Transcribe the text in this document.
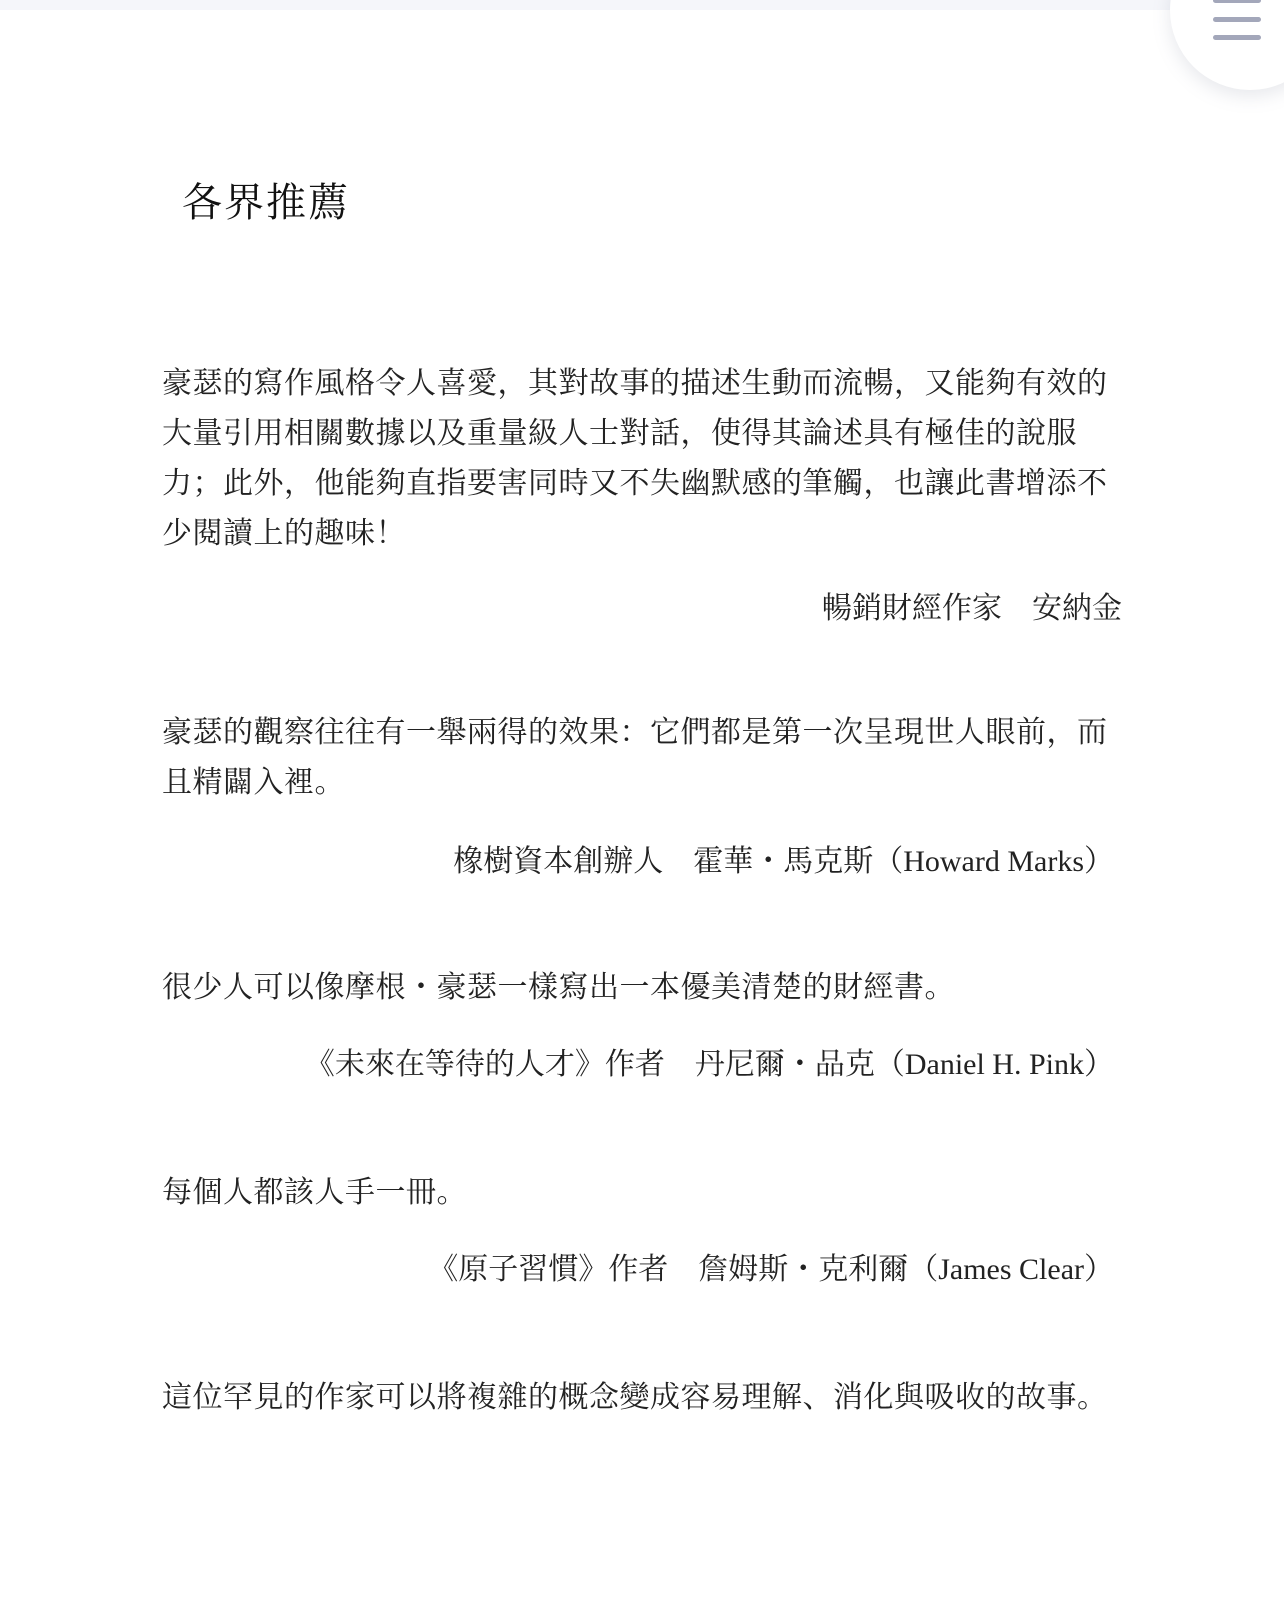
各界推薦

豪瑟的寫作風格令人喜愛，其對故事的描述生動而流暢，又能夠有效的大量引用相關數據以及重量級人士對話，使得其論述具有極佳的說服力；此外，他能夠直指要害同時又不失幽默感的筆觸，也讓此書增添不少閱讀上的趣味！

暢銷財經作家 安納金

豪瑟的觀察往往有一舉兩得的效果：它們都是第一次呈現世人眼前，而且精闢入裡。

橡樹資本創辦人 霍華・馬克斯（Howard Marks）

很少人可以像摩根・豪瑟一樣寫出一本優美清楚的財經書。

《未來在等待的人才》作者 丹尼爾・品克（Daniel H. Pink）

每個人都該人手一冊。

《原子習慣》作者 詹姆斯・克利爾（James Clear）

這位罕見的作家可以將複雜的概念變成容易理解、消化與吸收的故事。
